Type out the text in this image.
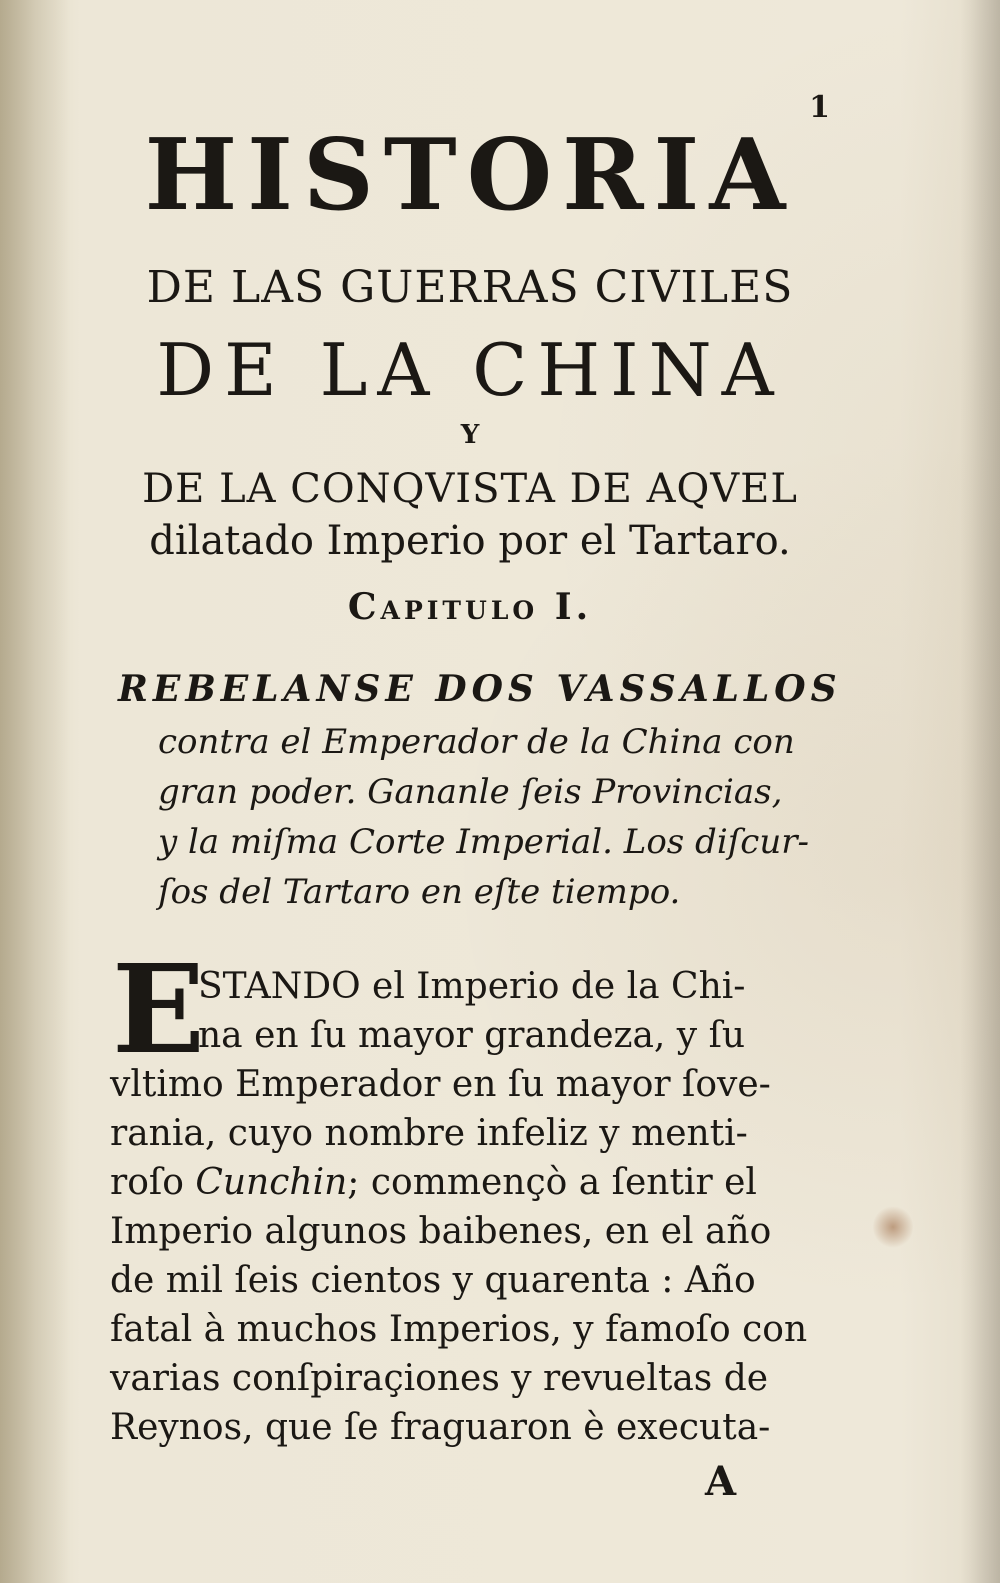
1
HISTORIA
DE LAS GUERRAS CIVILES
DE LA CHINA
Y
DE LA CONQVISTA DE AQVEL
dilatado Imperio por el Tartaro.
Capitulo I.
REBELANSE DOS VASSALLOS
contra el Emperador de la China con
gran poder. Gananle ſeis Provincias,
y la miſma Corte Imperial. Los diſcur-
ſos del Tartaro en eſte tiempo.
E
STANDO el Imperio de la Chi-
na en ſu mayor grandeza, y ſu
vltimo Emperador en ſu mayor ſove-
rania, cuyo nombre infeliz y menti-
roſo Cunchin; commençò a ſentir el
Imperio algunos baibenes, en el año
de mil ſeis cientos y quarenta : Año
fatal à muchos Imperios, y famoſo con
varias conſpiraçiones y revueltas de
Reynos, que ſe fraguaron è executa-
A
